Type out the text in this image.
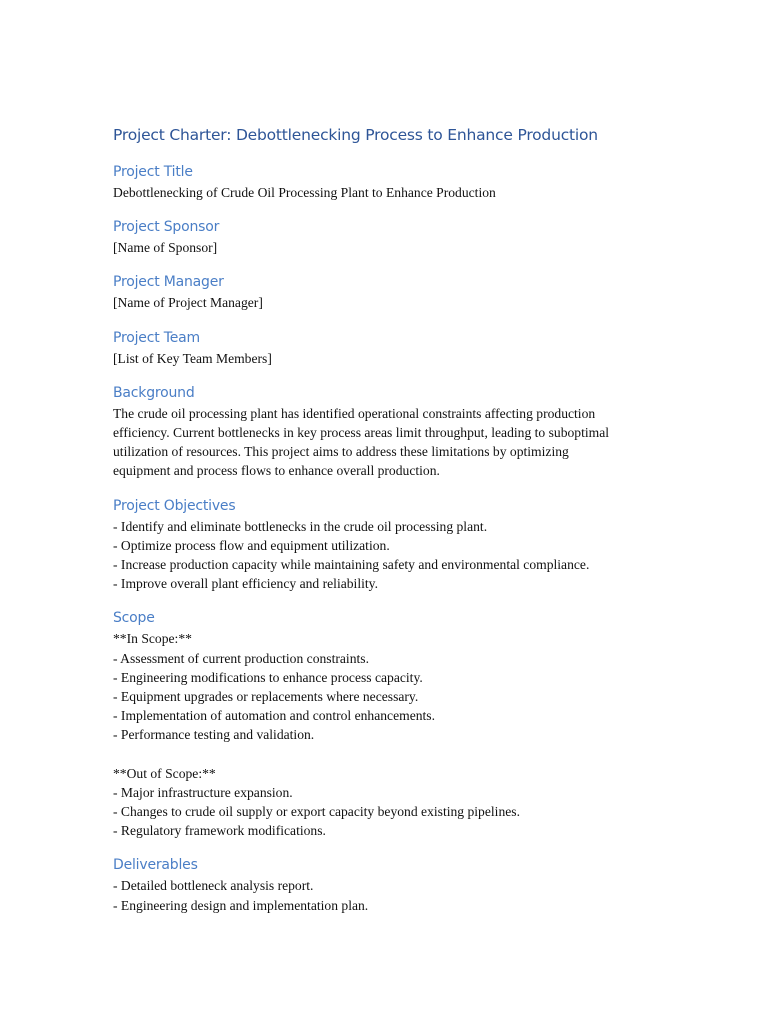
Project Charter: Debottlenecking Process to Enhance Production
Project Title
Debottlenecking of Crude Oil Processing Plant to Enhance Production
Project Sponsor
[Name of Sponsor]
Project Manager
[Name of Project Manager]
Project Team
[List of Key Team Members]
Background
The crude oil processing plant has identified operational constraints affecting production
efficiency. Current bottlenecks in key process areas limit throughput, leading to suboptimal
utilization of resources. This project aims to address these limitations by optimizing
equipment and process flows to enhance overall production.
Project Objectives
- Identify and eliminate bottlenecks in the crude oil processing plant.
- Optimize process flow and equipment utilization.
- Increase production capacity while maintaining safety and environmental compliance.
- Improve overall plant efficiency and reliability.
Scope
**In Scope:**
- Assessment of current production constraints.
- Engineering modifications to enhance process capacity.
- Equipment upgrades or replacements where necessary.
- Implementation of automation and control enhancements.
- Performance testing and validation.
**Out of Scope:**
- Major infrastructure expansion.
- Changes to crude oil supply or export capacity beyond existing pipelines.
- Regulatory framework modifications.
Deliverables
- Detailed bottleneck analysis report.
- Engineering design and implementation plan.
